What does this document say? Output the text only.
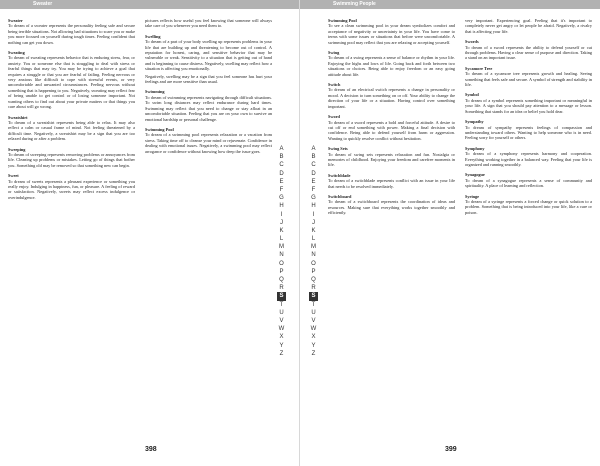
Sweater
Sweater
To dream of a sweater represents the personality feeling safe and secure being terrible situations. Not allowing bad situations to scare you or make you more focused on yourself during tough times. Feeling confident that nothing can get you down.
Sweating
To dream of sweating represents behavior that is enduring stress, fear, or anxiety. You or someone else that is struggling to deal with stress or fearful things that may try. You may be trying to achieve a goal that requires a struggle or that you are fearful of failing. Feeling nervous or very anxious like difficult to cope with stressful events, or very uncomfortable and unwanted circumstances. Feeling nervous without something that is happening to you. Negatively, sweating may reflect fear of being unable to get control or of losing someone important. Not wanting others to find out about your private matters or that things you care about will go wrong.
Sweatshirt
To dream of a sweatshirt represents being able to relax. It may also reflect a calm or casual frame of mind. Not feeling threatened by a difficult time. Negatively, a sweatshirt may be a sign that you are too relaxed during or after a problem.
Sweeping
To dream of sweeping represents removing problems or annoyances from life. Cleaning up problems or mistakes. Letting go of things that bother you. Something old may be removed so that something new can begin.
Sweet
To dream of sweets represents a pleasant experience or something you really enjoy. Indulging in happiness, fun, or pleasure. A feeling of reward or satisfaction. Negatively, sweets may reflect excess indulgence or overindulgence.
pictures reflects how useful you feel knowing that someone will always take care of you whenever you need them to.
Swelling
To dream of a part of your body swelling up represents problems in your life that are building up and threatening to become out of control. A reputation for honest, caring, and sensitive behavior that may be vulnerable or weak. Sensitivity to a situation that is getting out of hand and is beginning to cause distress. Negatively, swelling may reflect how a situation is affecting you emotionally.
Negatively, swelling may be a sign that you feel someone has hurt your feelings and are more sensitive than usual.
Swimming
To dream of swimming represents navigating through difficult situations. To swim long distances may reflect endurance during hard times. Swimming may reflect that you need to change or stay afloat in an uncomfortable situation. Feeling that you are on your own to survive an emotional hardship or personal challenge.
Swimming Pool
To dream of a swimming pool represents relaxation or a vacation from stress. Taking time off to cleanse your mind or rejuvenate. Confidence in dealing with emotional issues. Negatively, a swimming pool may reflect arrogance or confidence without knowing how deep the issue goes.	A
B
C
D
E
F
G
H
I
J
K
L
M
N
O
P
Q
R
S
T
U
V
W
X
Y
Z
398
Swimming People
Swimming Pool
To see a clean swimming pool in your dream symbolizes comfort and acceptance of negativity or uncertainty in your life. You have come to terms with some issues or situations that before were uncomfortable. A swimming pool may reflect that you are relaxing or accepting yourself.
Swing
To dream of a swing represents a sense of balance or rhythm in your life. Enjoying the highs and lows of life. Going back and forth between two situations or choices. Being able to enjoy freedom or an easy going attitude about life.
Switch
To dream of an electrical switch represents a change in personality or mood. A decision to turn something on or off. Your ability to change the direction of your life or a situation. Having control over something important.
Sword
To dream of a sword represents a bold and forceful attitude. A desire to cut off or end something with power. Making a final decision with confidence. Being able to defend yourself from harm or aggression. Wanting to quickly resolve conflict without hesitation.
Swing Sets
To dream of swing sets represents relaxation and fun. Nostalgia or memories of childhood. Enjoying your freedom and carefree moments in life.
Switchblade
To dream of a switchblade represents conflict with an issue in your life that needs to be resolved immediately.
Switchboard
To dream of a switchboard represents the coordination of ideas and resources. Making sure that everything works together smoothly and efficiently.
very important. Experiencing goal. Feeling that it's important to completely never get angry or let people be afraid. Negatively, a rivalry that is affecting your life.
Swords
To dream of a sword represents the ability to defend yourself or cut through problems. Having a clear sense of purpose and direction. Taking a stand on an important issue.
Sycamore Tree
To dream of a sycamore tree represents growth and healing. Seeing something that feels safe and secure. A symbol of strength and stability in life.
Symbol
To dream of a symbol represents something important or meaningful in your life. A sign that you should pay attention to a message or lesson. Something that stands for an idea or belief you hold dear.
Sympathy
To dream of sympathy represents feelings of compassion and understanding toward others. Wanting to help someone who is in need. Feeling sorry for yourself or others.
Symphony
To dream of a symphony represents harmony and cooperation. Everything working together in a balanced way. Feeling that your life is organized and running smoothly.
Synagogue
To dream of a synagogue represents a sense of community and spirituality. A place of learning and reflection.
Syringe
To dream of a syringe represents a forced change or quick solution to a problem. Something that is being introduced into your life, like a cure or poison.
A
B
C
D
E
F
G
H
I
J
K
L
M
N
O
P
Q
R
S
T
U
V
W
X
Y
Z
399
